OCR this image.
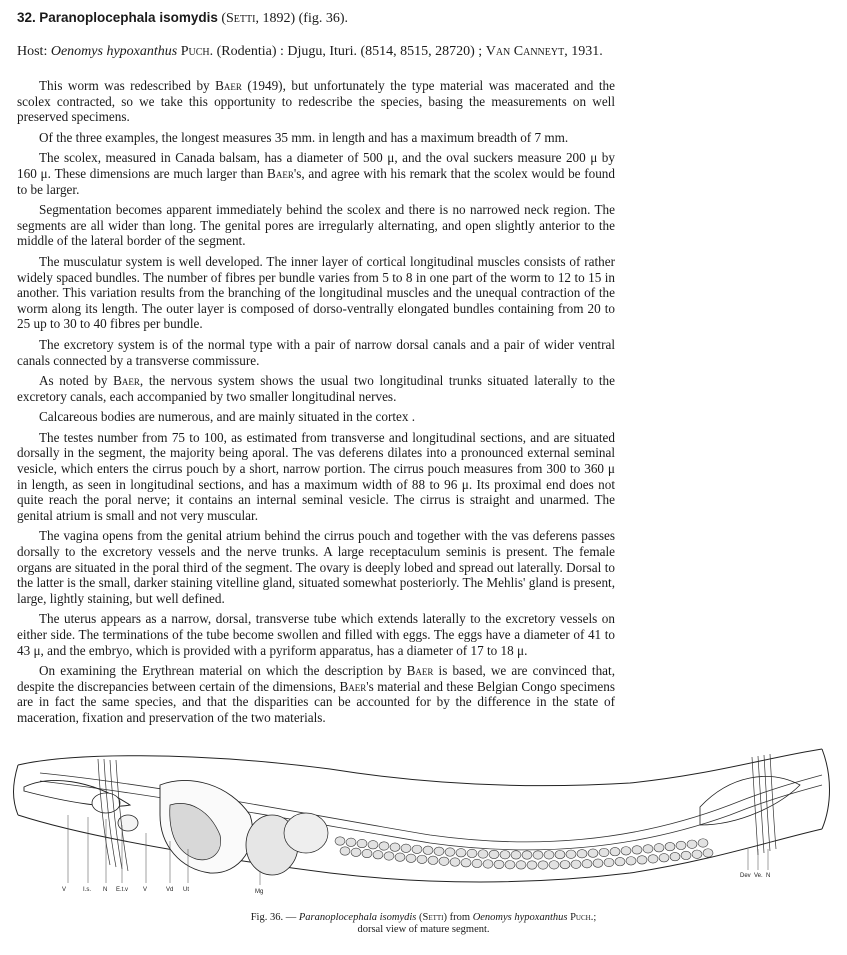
32. Paranoplocephala isomydis (Setti, 1892) (fig. 36).
Host: Oenomys hypoxanthus Puch. (Rodentia) : Djugu, Ituri. (8514, 8515, 28720) ; Van Canneyt, 1931.

This worm was redescribed by Baer (1949), but unfortunately the type material was macerated and the scolex contracted, so we take this opportunity to redescribe the species, basing the measurements on well preserved specimens.

Of the three examples, the longest measures 35 mm. in length and has a maximum breadth of 7 mm.

The scolex, measured in Canada balsam, has a diameter of 500 μ, and the oval suckers measure 200 μ by 160 μ. These dimensions are much larger than Baer's, and agree with his remark that the scolex would be found to be larger.

Segmentation becomes apparent immediately behind the scolex and there is no narrowed neck region. The segments are all wider than long. The genital pores are irregularly alternating, and open slightly anterior to the middle of the lateral border of the segment.

The musculatur system is well developed. The inner layer of cortical longitudinal muscles consists of rather widely spaced bundles. The number of fibres per bundle varies from 5 to 8 in one part of the worm to 12 to 15 in another. This variation results from the branching of the longitudinal muscles and the unequal contraction of the worm along its length. The outer layer is composed of dorso-ventrally elongated bundles containing from 20 to 25 up to 30 to 40 fibres per bundle.

The excretory system is of the normal type with a pair of narrow dorsal canals and a pair of wider ventral canals connected by a transverse commissure.

As noted by Baer, the nervous system shows the usual two longitudinal trunks situated laterally to the excretory canals, each accompanied by two smaller longitudinal nerves.

Calcareous bodies are numerous, and are mainly situated in the cortex .

The testes number from 75 to 100, as estimated from transverse and longitudinal sections, and are situated dorsally in the segment, the majority being aporal. The vas deferens dilates into a pronounced external seminal vesicle, which enters the cirrus pouch by a short, narrow portion. The cirrus pouch measures from 300 to 360 μ in length, as seen in longitudinal sections, and has a maximum width of 88 to 96 μ. Its proximal end does not quite reach the poral nerve; it contains an internal seminal vesicle. The cirrus is straight and unarmed. The genital atrium is small and not very muscular.

The vagina opens from the genital atrium behind the cirrus pouch and together with the vas deferens passes dorsally to the excretory vessels and the nerve trunks. A large receptaculum seminis is present. The female organs are situated in the poral third of the segment. The ovary is deeply lobed and spread out laterally. Dorsal to the latter is the small, darker staining vitelline gland, situated somewhat posteriorly. The Mehlis' gland is present, large, lightly staining, but well defined.

The uterus appears as a narrow, dorsal, transverse tube which extends laterally to the excretory vessels on either side. The terminations of the tube become swollen and filled with eggs. The eggs have a diameter of 41 to 43 μ, and the embryo, which is provided with a pyriform apparatus, has a diameter of 17 to 18 μ.

On examining the Erythrean material on which the description by Baer is based, we are convinced that, despite the discrepancies between certain of the dimensions, Baer's material and these Belgian Congo specimens are in fact the same species, and that the disparities can be accounted for by the difference in the state of maceration, fixation and preservation of the two materials.

V	I.s. N E.t.v V	Vd Ut	Mg
Dev Ve. N
Fig. 36. — Paranoplocephala isomydis (Setti) from Oenomys hypoxanthus Puch.;
dorsal view of mature segment.
